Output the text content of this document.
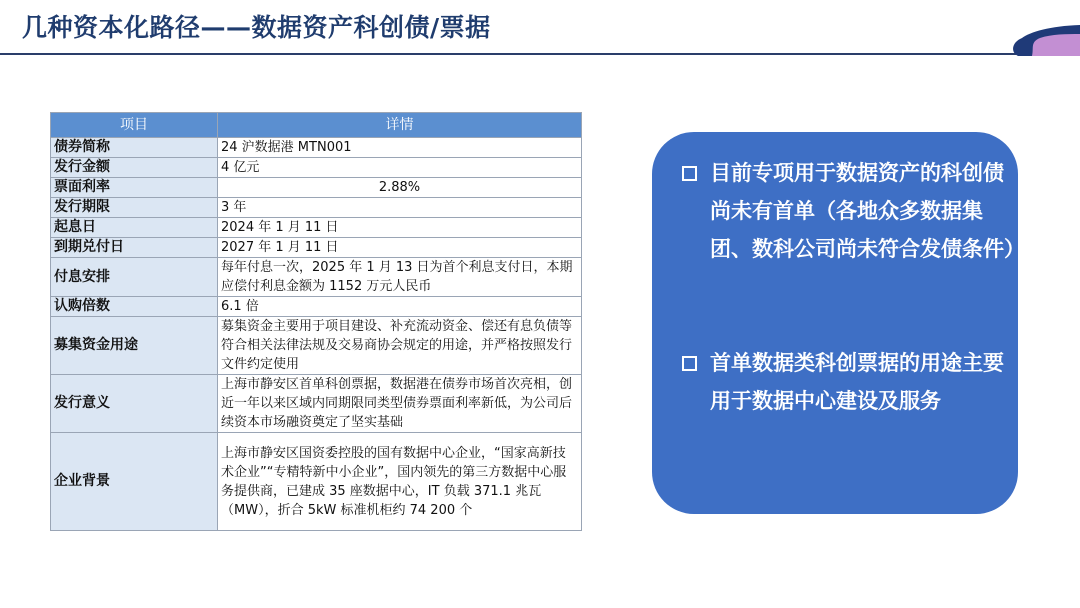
几种资本化路径——数据资产科创债/票据
项目	详情
债券简称	24 沪数据港 MTN001
发行金额	4 亿元
票面利率	2.88%
发行期限	3 年
起息日	2024 年 1 月 11 日
到期兑付日	2027 年 1 月 11 日
付息安排	每年付息一次，2025 年 1 月 13 日为首个利息支付日，本期应偿付利息金额为 1152 万元人民币
认购倍数	6.1 倍
募集资金用途	募集资金主要用于项目建设、补充流动资金、偿还有息负债等符合相关法律法规及交易商协会规定的用途，并严格按照发行文件约定使用
发行意义	上海市静安区首单科创票据，数据港在债券市场首次亮相，创近一年以来区域内同期限同类型债券票面利率新低，为公司后续资本市场融资奠定了坚实基础
企业背景	上海市静安区国资委控股的国有数据中心企业，“国家高新技术企业”“专精特新中小企业”，国内领先的第三方数据中心服务提供商，已建成 35 座数据中心，IT 负载 371.1 兆瓦（MW），折合 5kW 标准机柜约 74 200 个
目前专项用于数据资产的科创债尚未有首单（各地众多数据集团、数科公司尚未符合发债条件）
首单数据类科创票据的用途主要用于数据中心建设及服务
